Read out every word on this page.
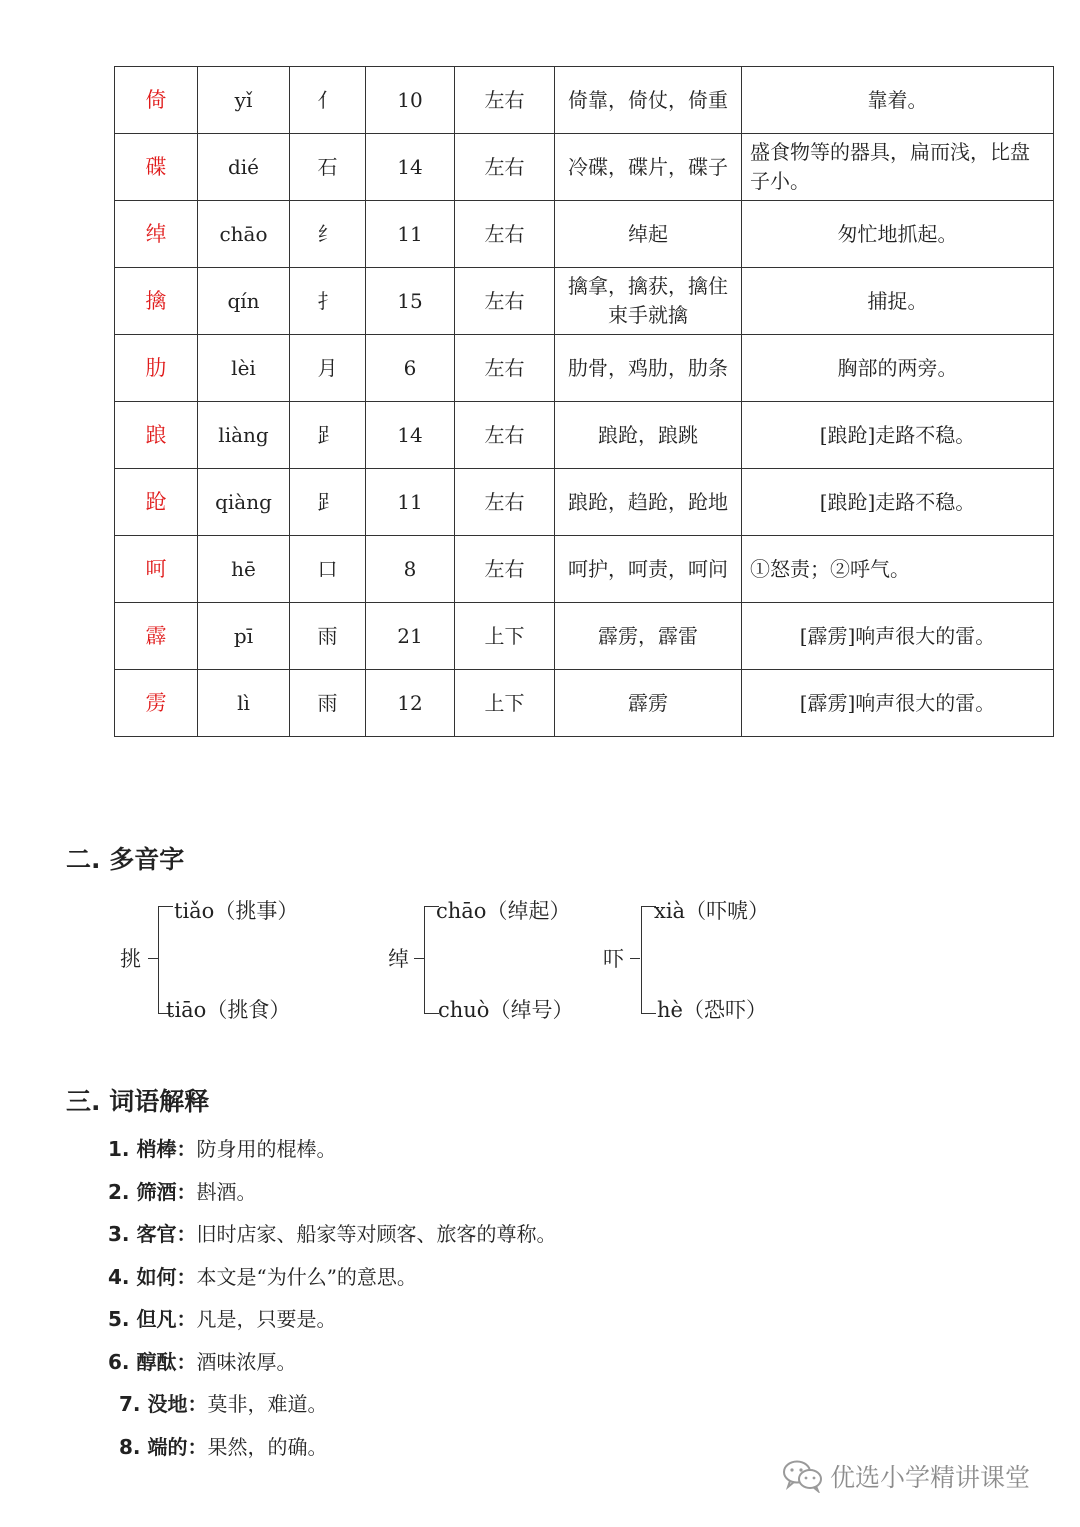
倚	yǐ	亻	10	左右	倚靠，倚仗，倚重	靠着。
碟	dié	石	14	左右	冷碟，碟片，碟子	盛食物等的器具，扁而浅，比盘子小。
绰	chāo	纟	11	左右	绰起	匆忙地抓起。
擒	qín	扌	15	左右	擒拿，擒获，擒住束手就擒	捕捉。
肋	lèi	月	6	左右	肋骨，鸡肋，肋条	胸部的两旁。
踉	liàng	𧾷	14	左右	踉跄，踉跳	[踉跄]走路不稳。
跄	qiàng	𧾷	11	左右	踉跄，趋跄，跄地	[踉跄]走路不稳。
呵	hē	口	8	左右	呵护，呵责，呵问	①怒责；②呼气。
霹	pī	雨	21	上下	霹雳，霹雷	[霹雳]响声很大的雷。
雳	lì	雨	12	上下	霹雳	[霹雳]响声很大的雷。
二. 多音字
挑
tiǎo（挑事）
tiāo（挑食）
绰
chāo（绰起）
chuò（绰号）
吓
xià（吓唬）
hè（恐吓）
三. 词语解释
1. 梢棒：防身用的棍棒。
2. 筛酒：斟酒。
3. 客官：旧时店家、船家等对顾客、旅客的尊称。
4. 如何：本文是“为什么”的意思。
5. 但凡：凡是，只要是。
6. 醇酞：酒味浓厚。
7. 没地：莫非，难道。
8. 端的：果然，的确。
优选小学精讲课堂
